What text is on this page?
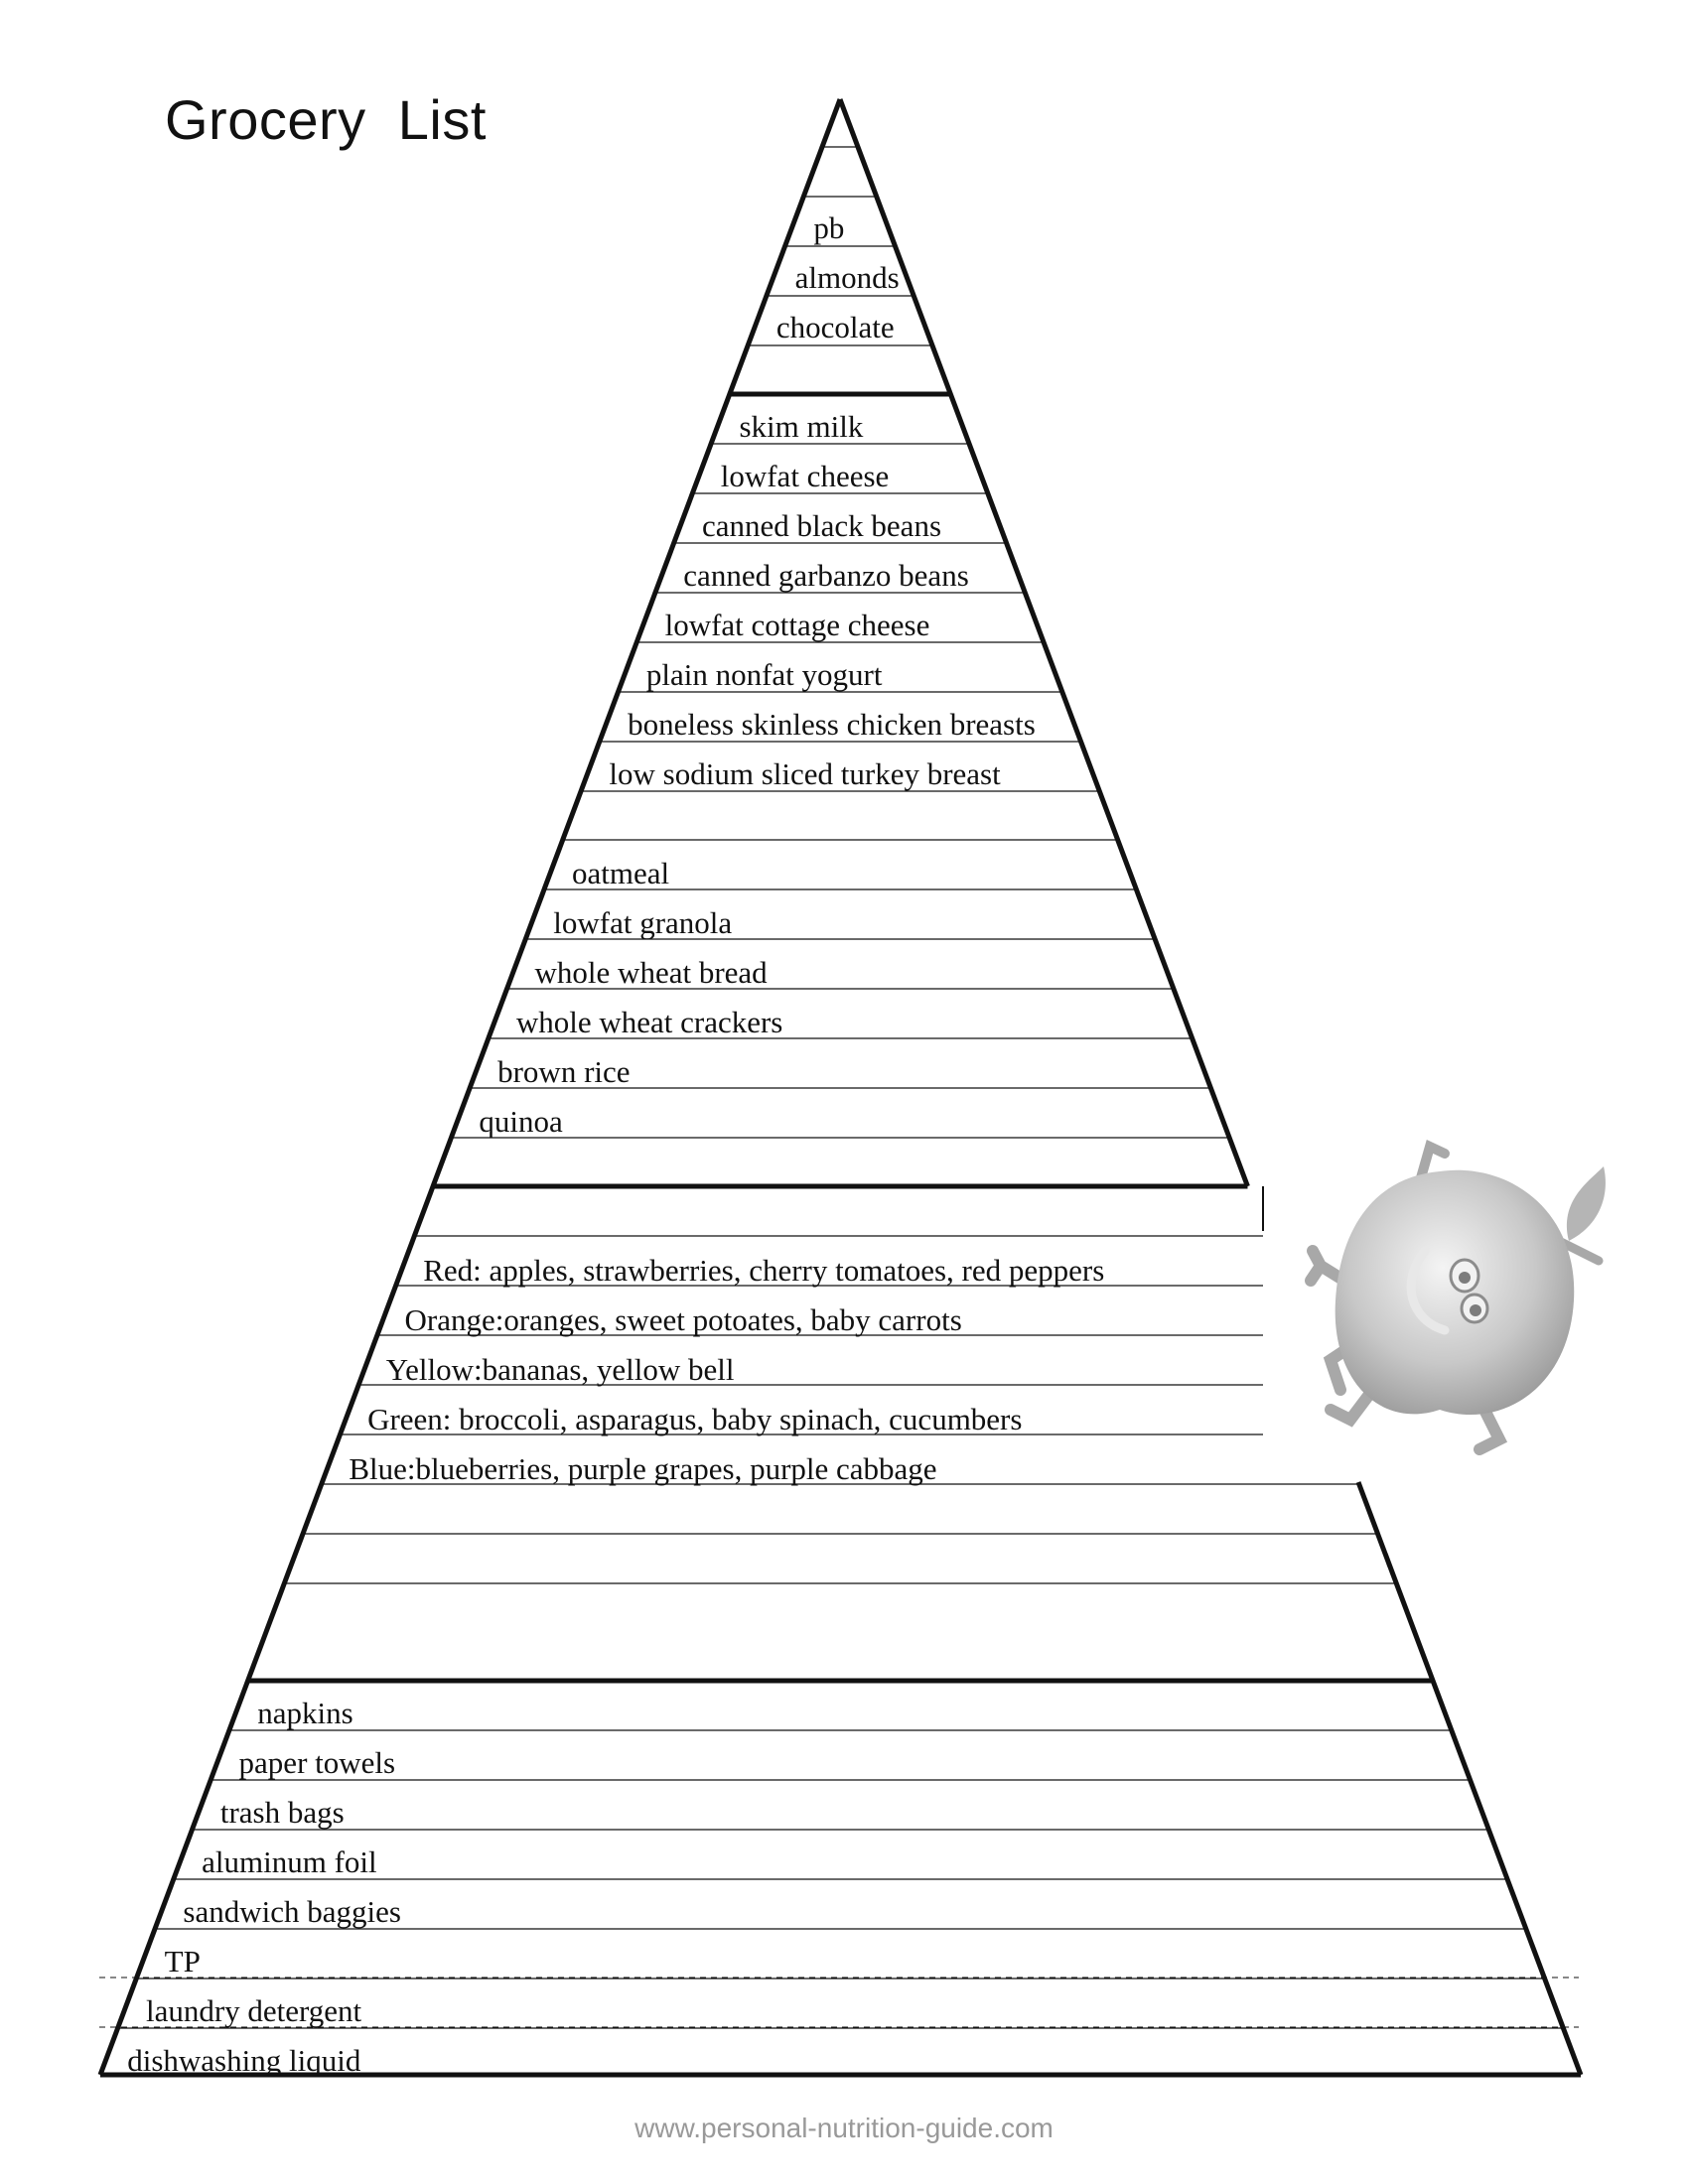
Grocery  List
pb
almonds
chocolate
skim milk
lowfat cheese
canned black beans
canned garbanzo beans
lowfat cottage cheese
plain nonfat yogurt
boneless skinless chicken breasts
low sodium sliced turkey breast
oatmeal
lowfat granola
whole wheat bread
whole wheat crackers
brown rice
quinoa
Red: apples, strawberries, cherry tomatoes, red peppers
Orange:oranges, sweet potoates, baby carrots
Yellow:bananas, yellow bell
Green: broccoli, asparagus, baby spinach, cucumbers
Blue:blueberries, purple grapes, purple cabbage
napkins
paper towels
trash bags
aluminum foil
sandwich baggies
TP
laundry detergent
dishwashing liquid
www.personal-nutrition-guide.com
